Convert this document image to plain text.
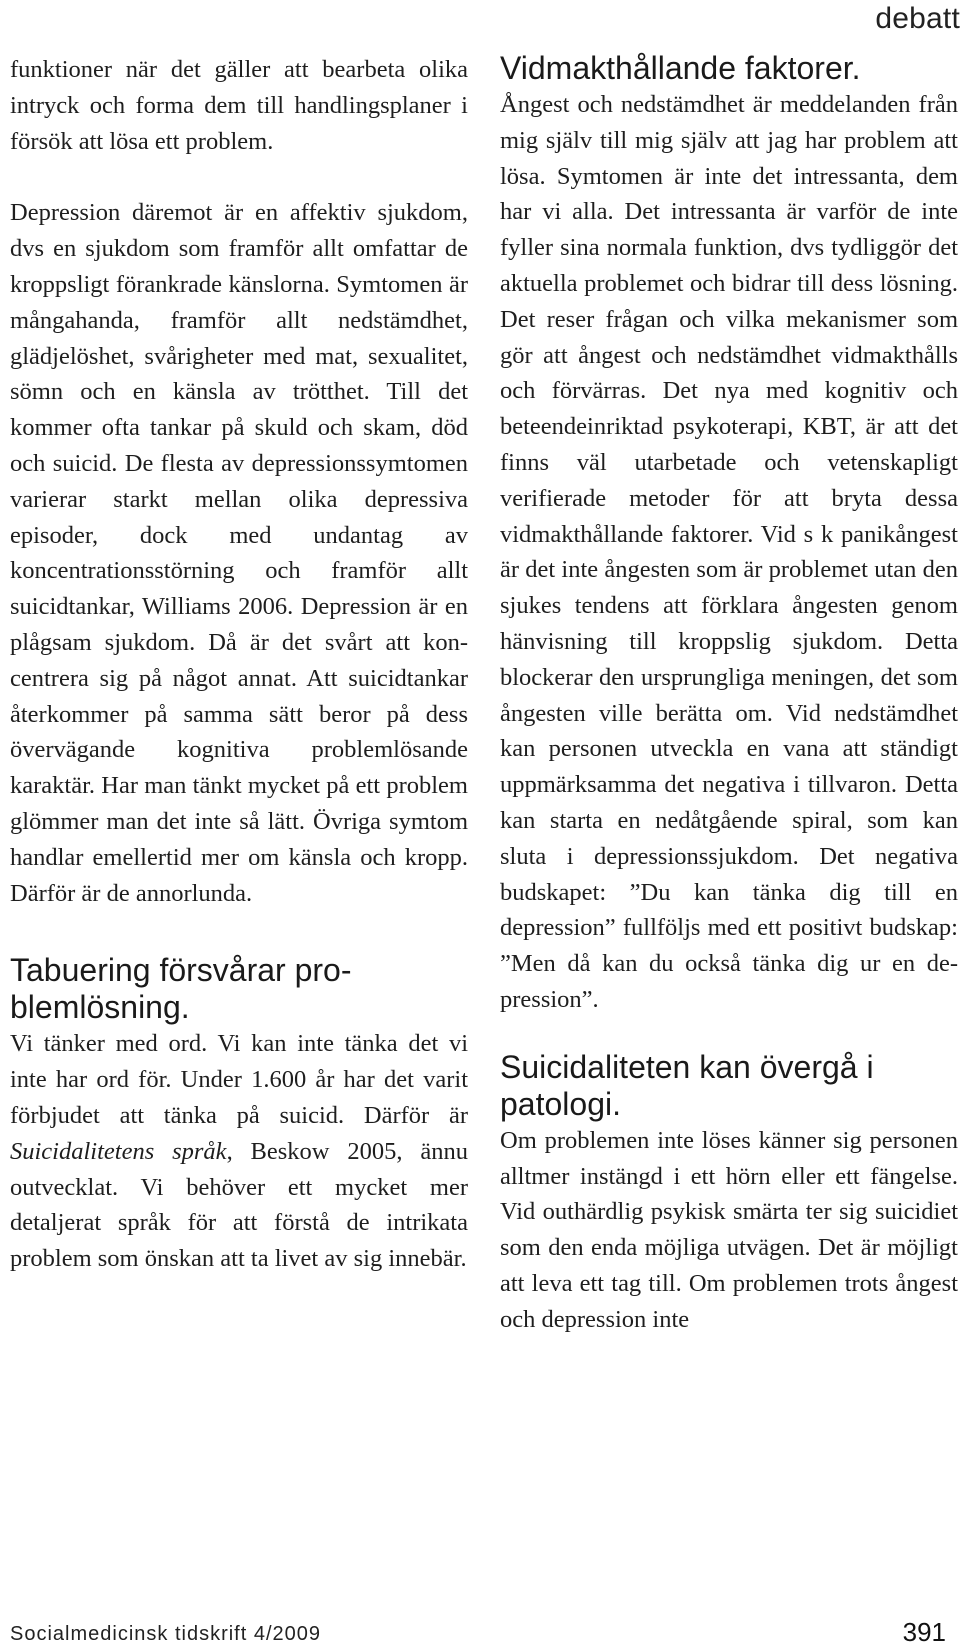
debatt

funktioner när det gäller att bearbeta olika intryck och forma dem till handlingsplaner i försök att lösa ett problem.

Depression däremot är en affektiv sjukdom, dvs en sjukdom som framför allt omfattar de kroppsligt förankrade känslorna. Symtomen är mångahanda, framför allt nedstämdhet, glädjelöshet, svårigheter med mat, sexualitet, sömn och en känsla av trötthet. Till det kommer ofta tankar på skuld och skam, död och suicid. De flesta av depressionssymtomen varierar starkt mellan olika depressiva episoder, dock med undantag av koncentrationsstörning och framför allt suicidtankar, Williams 2006. Depression är en plågsam sjukdom. Då är det svårt att koncentrera sig på något annat. Att suicidtankar återkommer på samma sätt beror på dess övervägande kognitiva problemlösande karaktär. Har man tänkt mycket på ett problem glömmer man det inte så lätt. Övriga symtom handlar emellertid mer om känsla och kropp. Därför är de annorlunda.

Tabuering försvårar problemlösning.

Vi tänker med ord. Vi kan inte tänka det vi inte har ord för. Under 1.600 år har det varit förbjudet att tänka på suicid. Därför är Suicidalitetens språk, Beskow 2005, ännu outvecklat. Vi behöver ett mycket mer detaljerat språk för att förstå de intrikata problem som önskan att ta livet av sig innebär.

Vidmakthållande faktorer.

Ångest och nedstämdhet är meddelanden från mig själv till mig själv att jag har problem att lösa. Symtomen är inte det intressanta, dem har vi alla. Det intressanta är varför de inte fyller sina normala funktion, dvs tydliggör det aktuella problemet och bidrar till dess lösning. Det reser frågan och vilka mekanismer som gör att ångest och nedstämdhet vidmakthålls och förvärras. Det nya med kognitiv och beteendeinriktad psykoterapi, KBT, är att det finns väl utarbetade och vetenskapligt verifierade metoder för att bryta dessa vidmakthållande faktorer. Vid s k panikångest är det inte ångesten som är problemet utan den sjukes tendens att förklara ångesten genom hänvisning till kroppslig sjukdom. Detta blockerar den ursprungliga meningen, det som ångesten ville berätta om. Vid nedstämdhet kan personen utveckla en vana att ständigt uppmärksamma det negativa i tillvaron. Detta kan starta en nedåtgående spiral, som kan sluta i depressionssjukdom. Det negativa budskapet: ”Du kan tänka dig till en depression” fullföljs med ett positivt budskap: ”Men då kan du också tänka dig ur en depression”.

Suicidaliteten kan övergå i patologi.

Om problemen inte löses känner sig personen alltmer instängd i ett hörn eller ett fängelse. Vid outhärdlig psykisk smärta ter sig suicidiet som den enda möjliga utvägen. Det är möjligt att leva ett tag till. Om problemen trots ångest och depression inte

Socialmedicinsk tidskrift 4/2009	391
